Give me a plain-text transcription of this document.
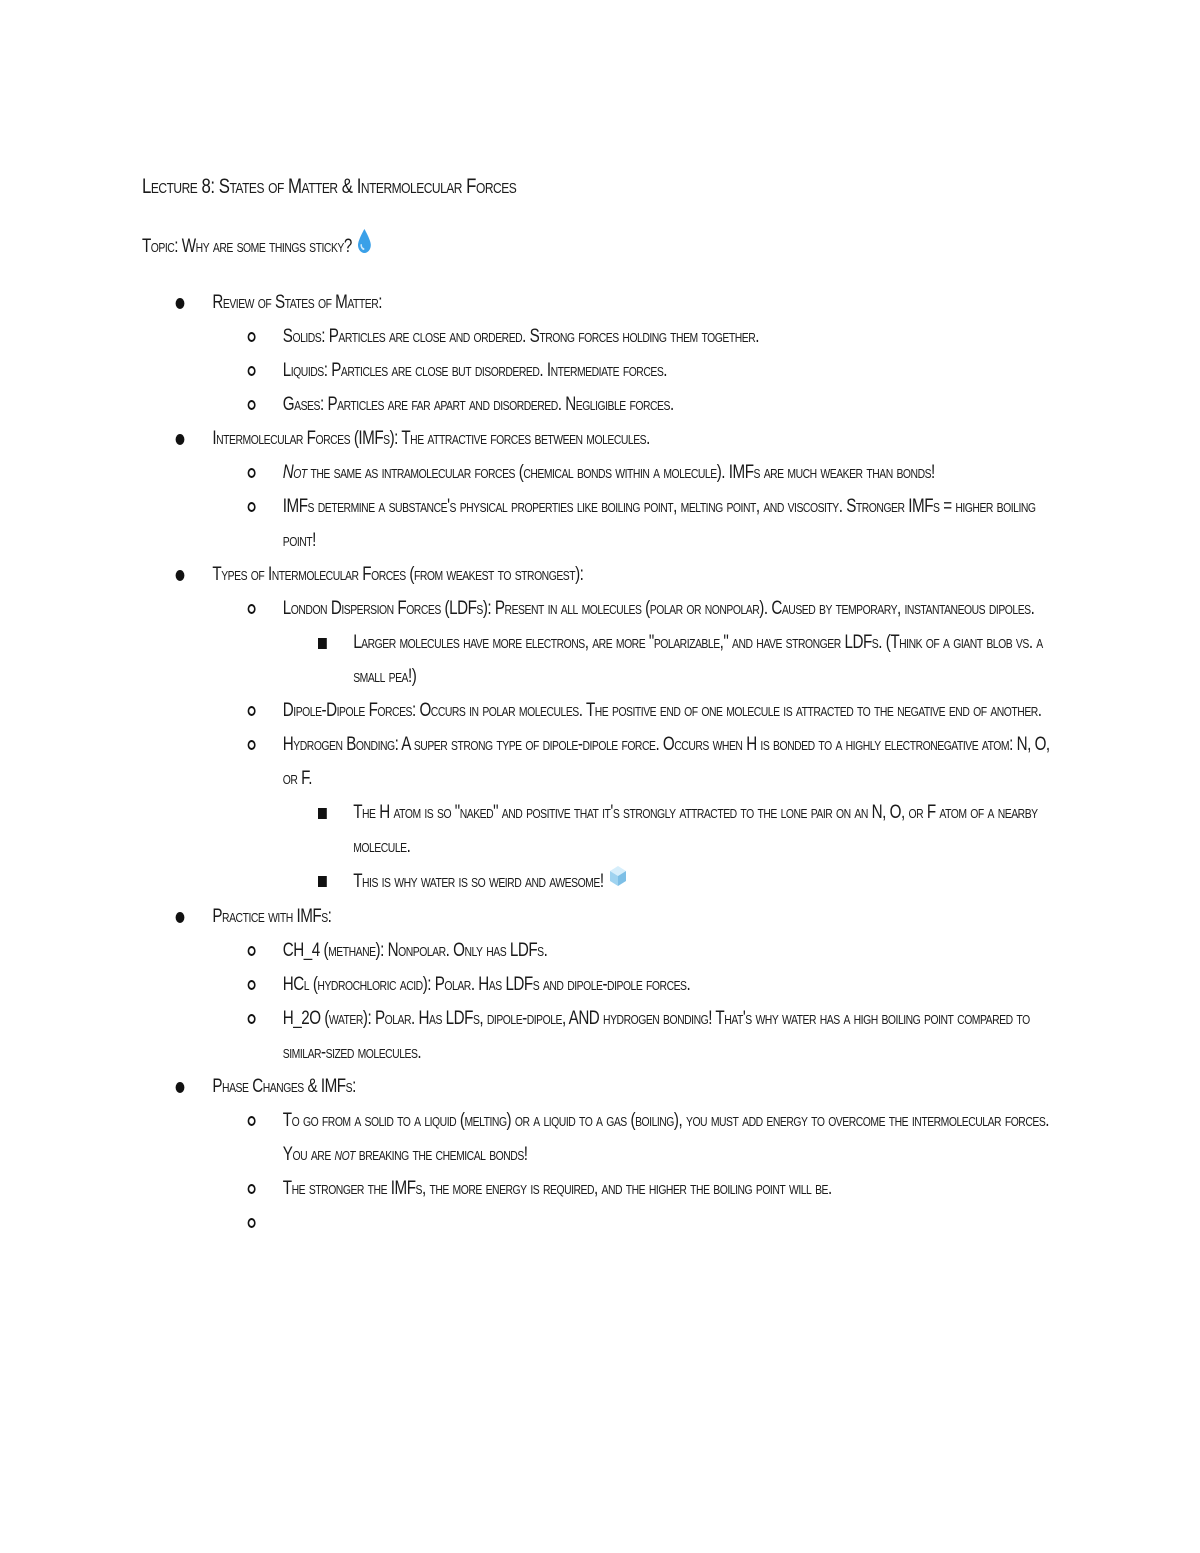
Lecture 8: States of Matter & Intermolecular Forces

Topic: Why are some things sticky?

Review of States of Matter:
Solids: Particles are close and ordered. Strong forces holding them together.
Liquids: Particles are close but disordered. Intermediate forces.
Gases: Particles are far apart and disordered. Negligible forces.
Intermolecular Forces (IMFs): The attractive forces between molecules.
Not the same as intramolecular forces (chemical bonds within a molecule). IMFs are much weaker than bonds!
IMFs determine a substance's physical properties like boiling point, melting point, and viscosity. Stronger IMFs = higher boiling point!
Types of Intermolecular Forces (from weakest to strongest):
London Dispersion Forces (LDFs): Present in all molecules (polar or nonpolar). Caused by temporary, instantaneous dipoles.
Larger molecules have more electrons, are more "polarizable," and have stronger LDFs. (Think of a giant blob vs. a small pea!)
Dipole-Dipole Forces: Occurs in polar molecules. The positive end of one molecule is attracted to the negative end of another.
Hydrogen Bonding: A super strong type of dipole-dipole force. Occurs when H is bonded to a highly electronegative atom: N, O, or F.
The H atom is so "naked" and positive that it's strongly attracted to the lone pair on an N, O, or F atom of a nearby molecule.
This is why water is so weird and awesome!
Practice with IMFs:
CH_4 (methane): Nonpolar. Only has LDFs.
HCl (hydrochloric acid): Polar. Has LDFs and dipole-dipole forces.
H_2O (water): Polar. Has LDFs, dipole-dipole, AND hydrogen bonding! That's why water has a high boiling point compared to similar-sized molecules.
Phase Changes & IMFs:
To go from a solid to a liquid (melting) or a liquid to a gas (boiling), you must add energy to overcome the intermolecular forces. You are not breaking the chemical bonds!
The stronger the IMFs, the more energy is required, and the higher the boiling point will be.
